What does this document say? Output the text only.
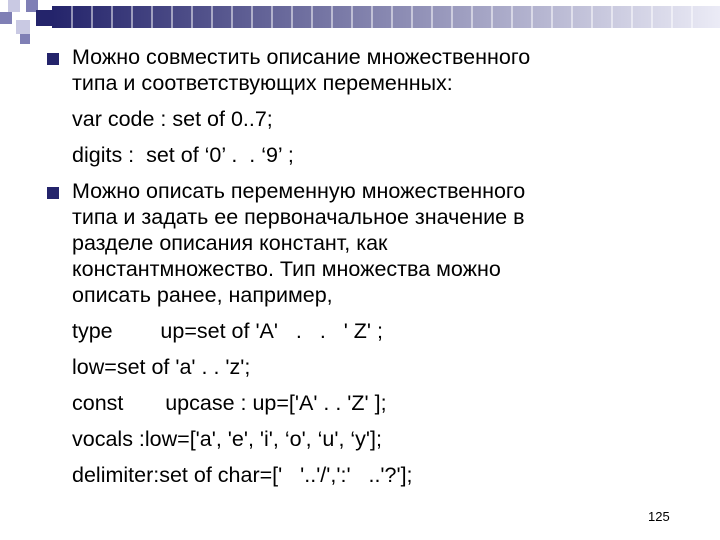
Можно совместить описание множественного
типа и соответствующих переменных:
var code : set of 0..7;
digits :  set of ‘0’ .  . ‘9’ ;
Можно описать переменную множественного
типа и задать ее первоначальное значение в
разделе описания констант, как
константмножество. Тип множества можно
описать ранее, например,
type        up=set of 'A'   .   .   ' Z' ;
low=set of 'a' . . 'z';
const       upcase : up=['A' . . 'Z' ];
vocals :low=['a', 'e', 'i', ‘o', ‘u', ‘y'];
delimiter:set of char=['   '..'/',':'   ..'?'];
125
